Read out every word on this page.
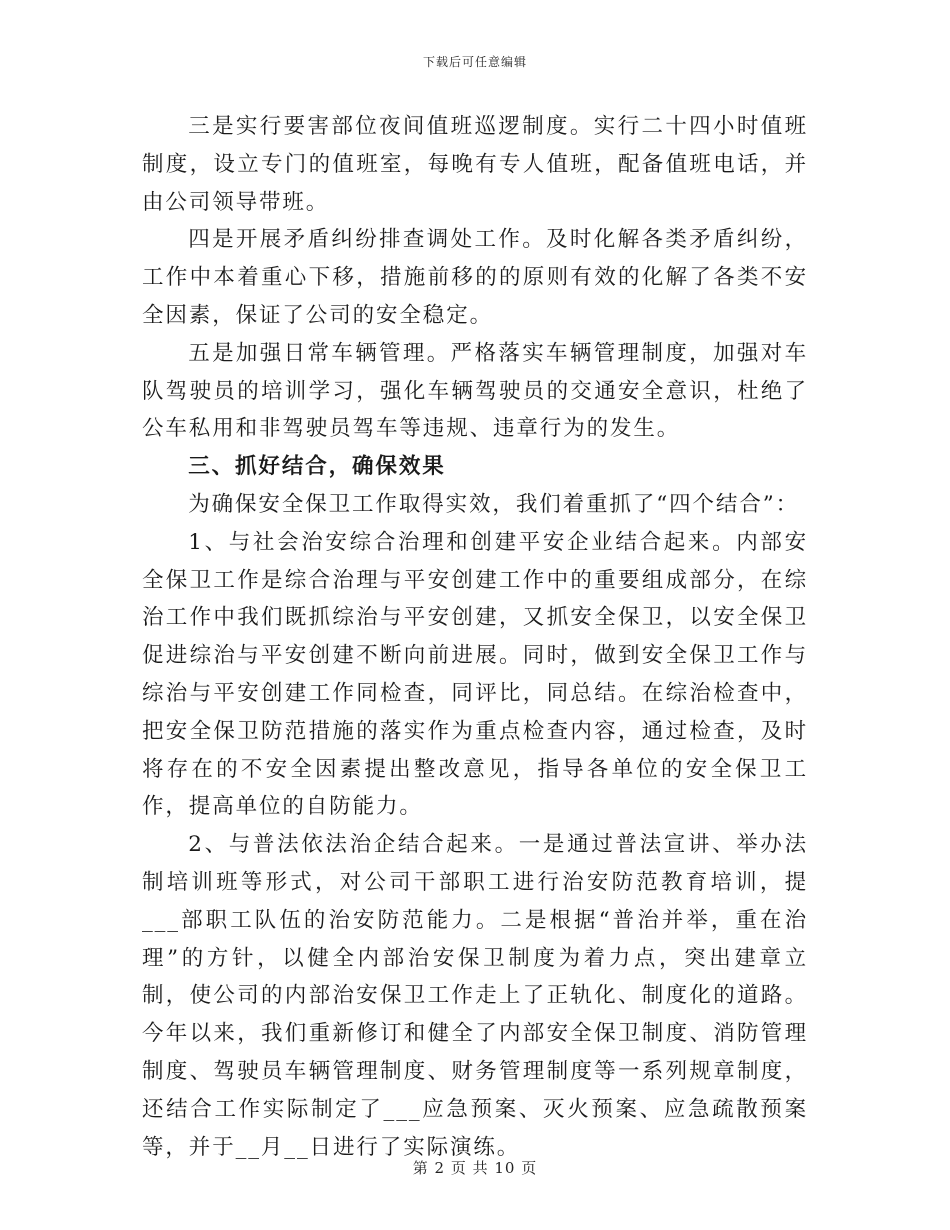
下载后可任意编辑

三是实行要害部位夜间值班巡逻制度。实行二十四小时值班制度，设立专门的值班室，每晚有专人值班，配备值班电话，并由公司领导带班。

四是开展矛盾纠纷排查调处工作。及时化解各类矛盾纠纷，工作中本着重心下移，措施前移的的原则有效的化解了各类不安全因素，保证了公司的安全稳定。

五是加强日常车辆管理。严格落实车辆管理制度，加强对车队驾驶员的培训学习，强化车辆驾驶员的交通安全意识，杜绝了公车私用和非驾驶员驾车等违规、违章行为的发生。

三、抓好结合，确保效果

为确保安全保卫工作取得实效，我们着重抓了“四个结合”：

1、与社会治安综合治理和创建平安企业结合起来。内部安全保卫工作是综合治理与平安创建工作中的重要组成部分，在综治工作中我们既抓综治与平安创建，又抓安全保卫，以安全保卫促进综治与平安创建不断向前进展。同时，做到安全保卫工作与综治与平安创建工作同检查，同评比，同总结。在综治检查中，把安全保卫防范措施的落实作为重点检查内容，通过检查，及时将存在的不安全因素提出整改意见，指导各单位的安全保卫工作，提高单位的自防能力。

2、与普法依法治企结合起来。一是通过普法宣讲、举办法制培训班等形式，对公司干部职工进行治安防范教育培训，提___部职工队伍的治安防范能力。二是根据“普治并举，重在治理”的方针，以健全内部治安保卫制度为着力点，突出建章立制，使公司的内部治安保卫工作走上了正轨化、制度化的道路。今年以来，我们重新修订和健全了内部安全保卫制度、消防管理制度、驾驶员车辆管理制度、财务管理制度等一系列规章制度，还结合工作实际制定了___应急预案、灭火预案、应急疏散预案等，并于__月__日进行了实际演练。

第 2 页 共 10 页
